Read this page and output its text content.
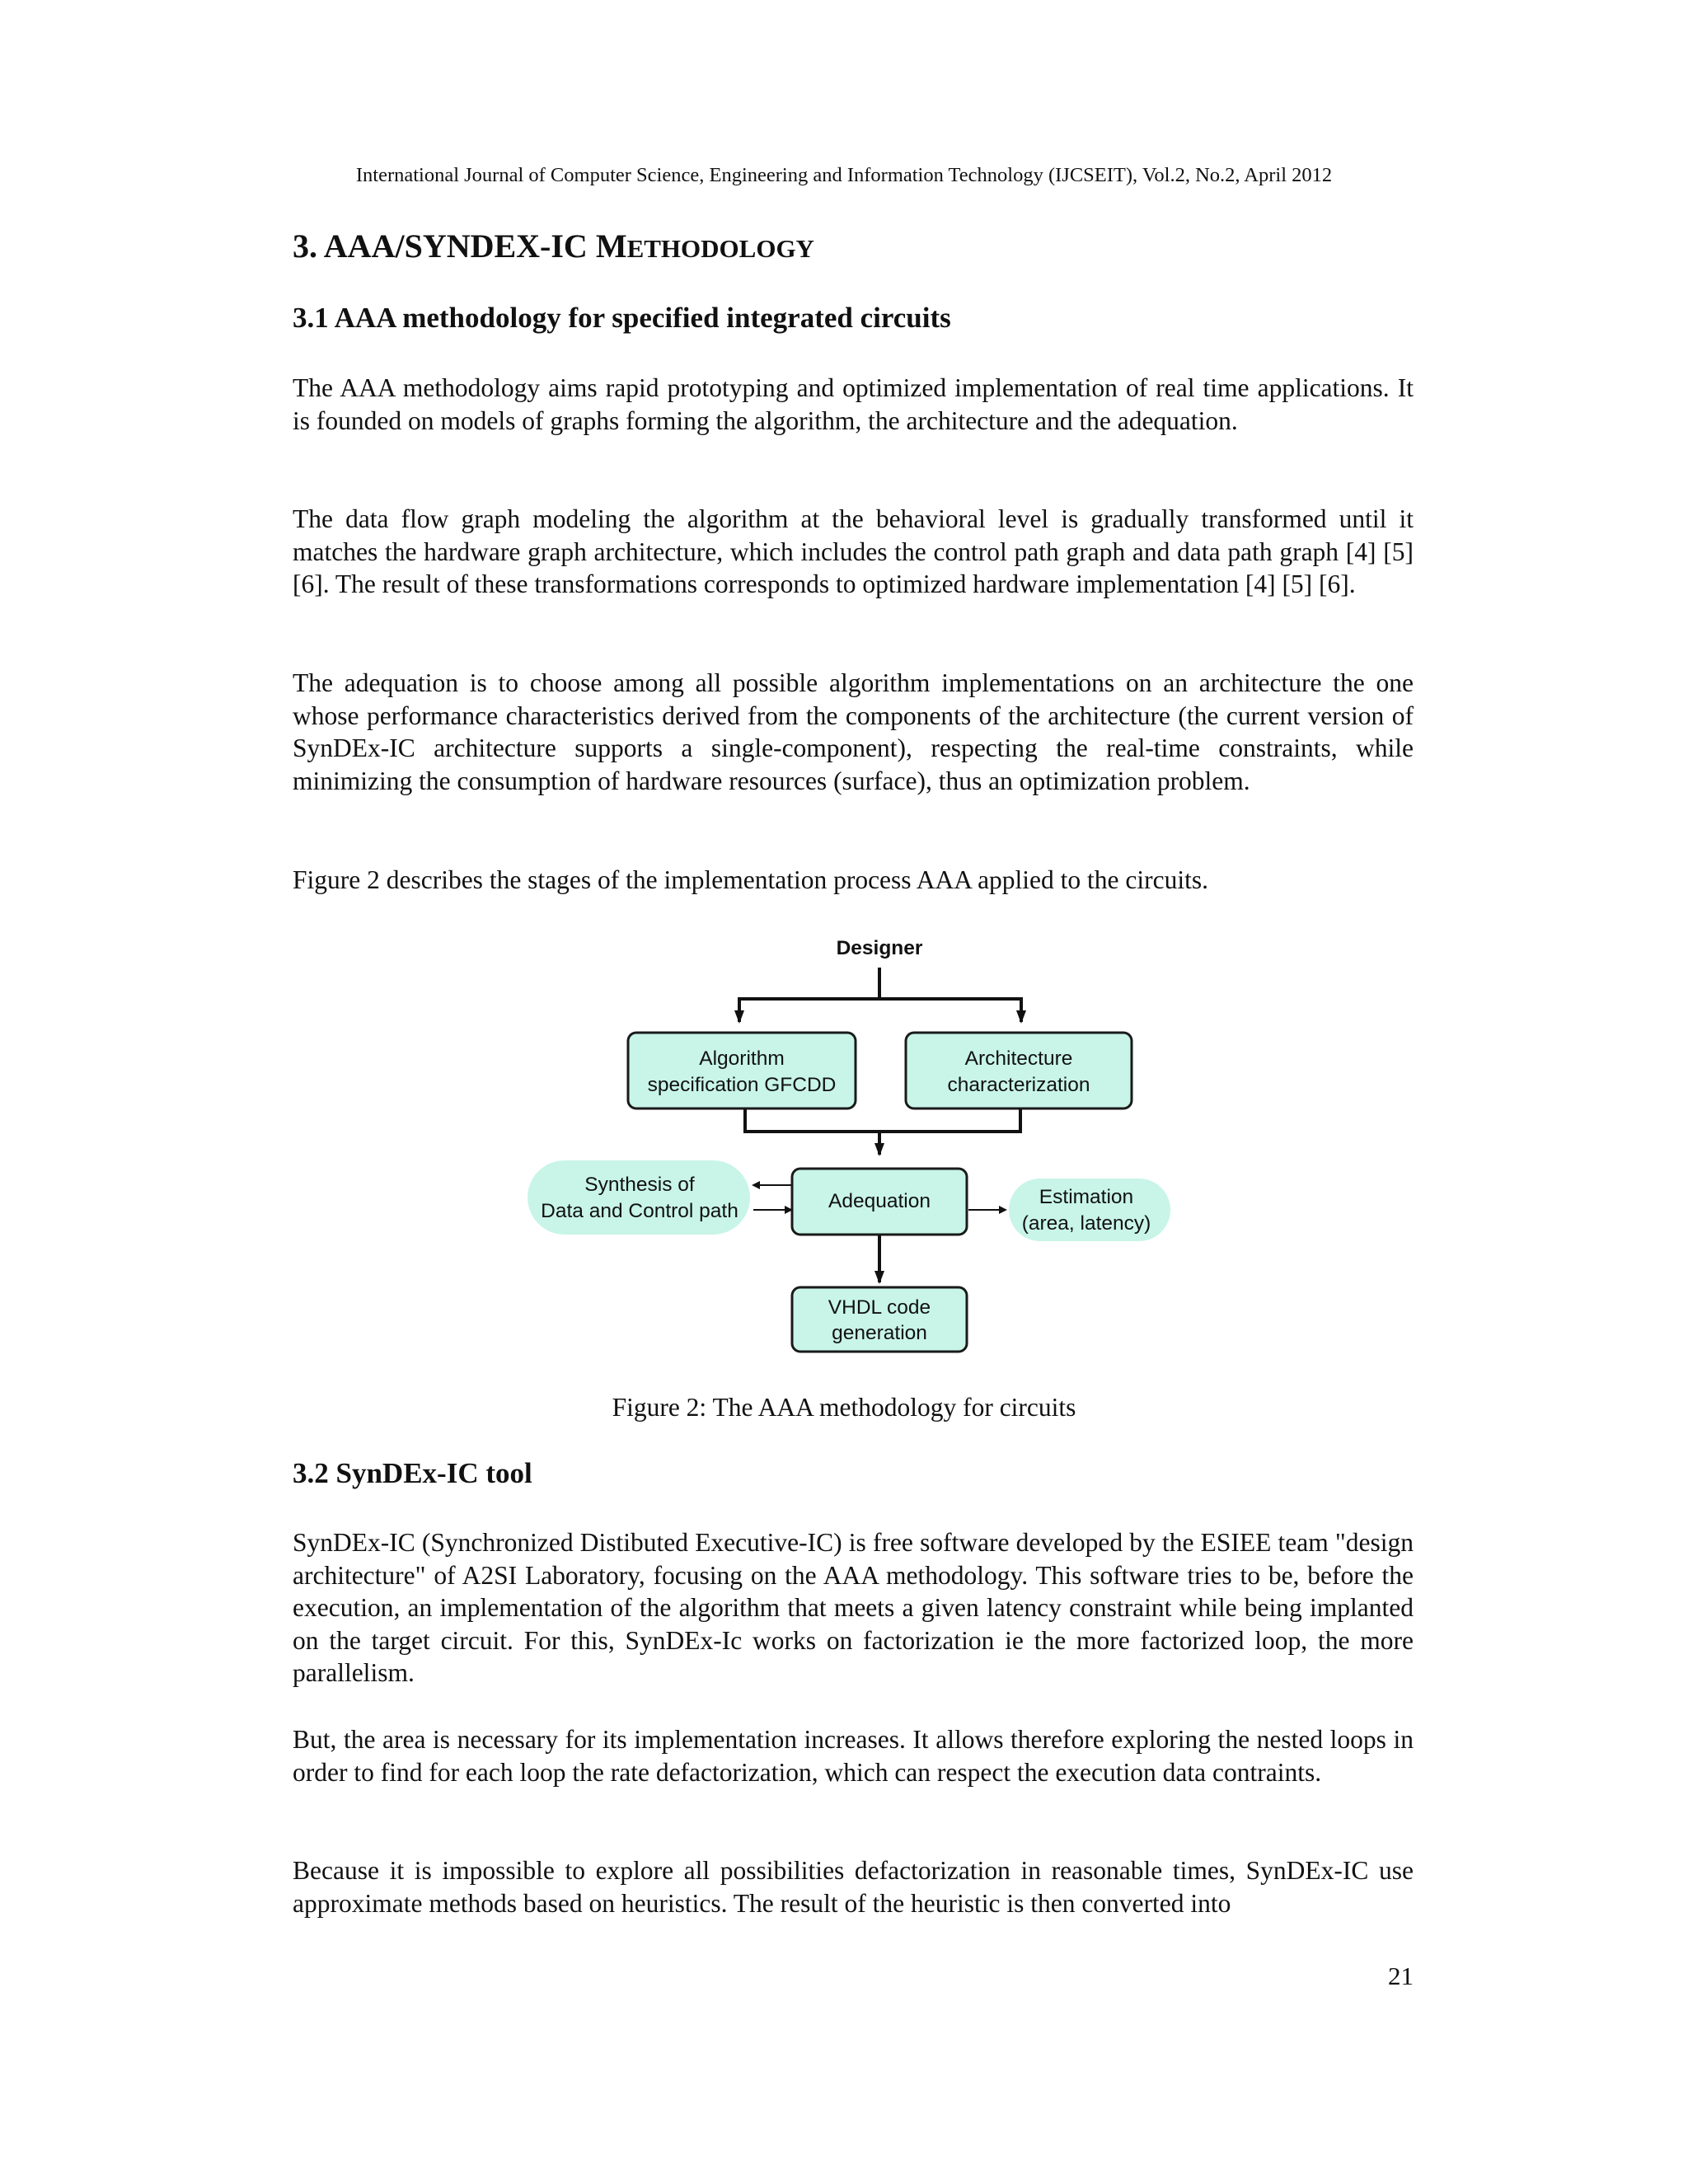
International Journal of Computer Science, Engineering and Information Technology (IJCSEIT), Vol.2, No.2, April 2012
3. AAA/SYNDEX-IC METHODOLOGY
3.1 AAA methodology for specified integrated circuits
The AAA methodology aims rapid prototyping and optimized implementation of real time applications. It is founded on models of graphs forming the algorithm, the architecture and the adequation.
The data flow graph modeling the algorithm at the behavioral level is gradually transformed until it matches the hardware graph architecture, which includes the control path graph and data path graph [4] [5] [6]. The result of these transformations corresponds to optimized hardware implementation [4] [5] [6].
The adequation is to choose among all possible algorithm implementations on an architecture the one whose performance characteristics derived from the components of the architecture (the current version of SynDEx-IC architecture supports a single-component), respecting the real-time constraints, while minimizing the consumption of hardware resources (surface), thus an optimization problem.
Figure 2 describes the stages of the implementation process AAA applied to the circuits.
Designer
Algorithm
specification GFCDD
Architecture
characterization
Synthesis of
Data and Control path	Adequation	Estimation
(area, latency)
VHDL code
generation
Figure 2: The AAA methodology for circuits
3.2 SynDEx-IC tool
SynDEx-IC (Synchronized Distibuted Executive-IC) is free software developed by the ESIEE team "design architecture" of A2SI Laboratory, focusing on the AAA methodology. This software tries to be, before the execution, an implementation of the algorithm that meets a given latency constraint while being implanted on the target circuit. For this, SynDEx-Ic works on factorization ie the more factorized loop, the more parallelism.
But, the area is necessary for its implementation increases. It allows therefore exploring the nested loops in order to find for each loop the rate defactorization, which can respect the execution data contraints.
Because it is impossible to explore all possibilities defactorization in reasonable times, SynDEx-IC use approximate methods based on heuristics. The result of the heuristic is then converted into
21
